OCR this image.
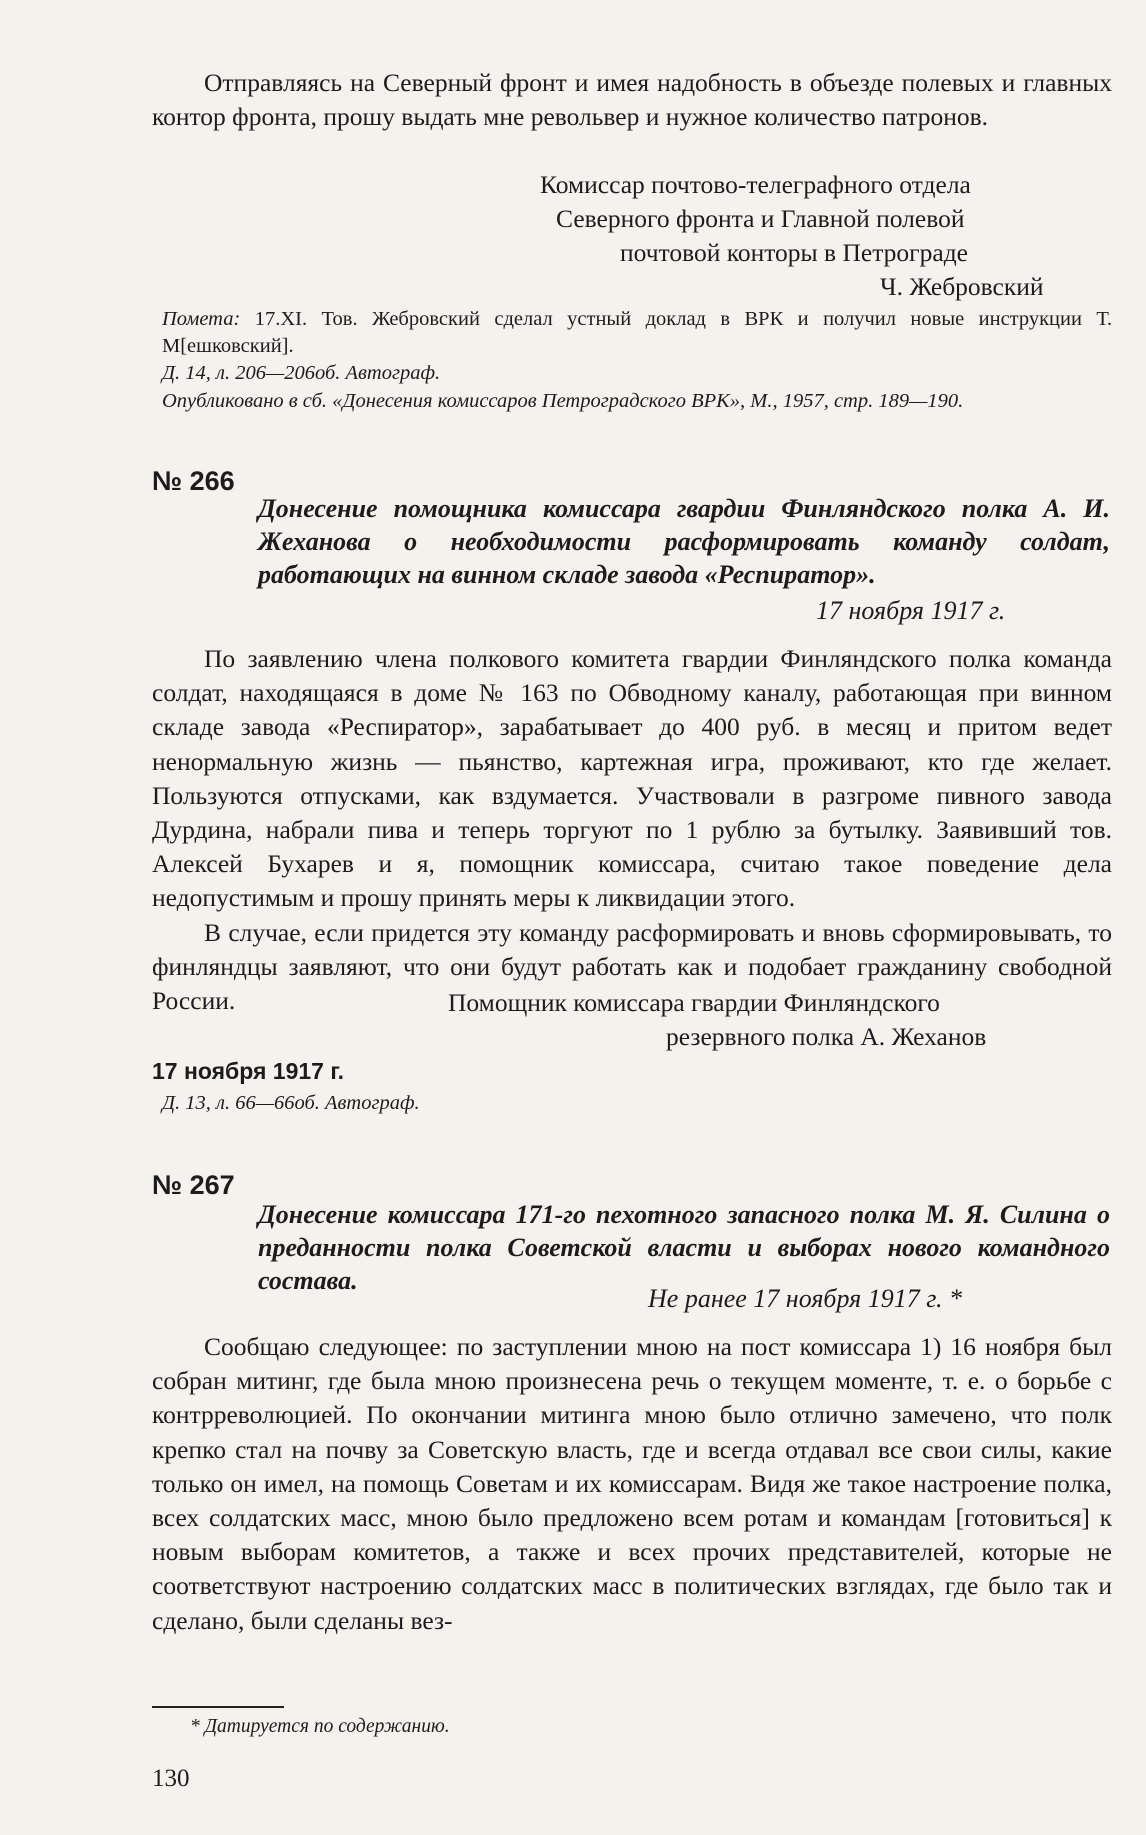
Отправляясь на Северный фронт и имея надобность в объезде полевых и главных контор фронта, прошу выдать мне револьвер и нужное количество патронов.

Комиссар почтово-телеграфного отдела

Северного фронта и Главной полевой

почтовой конторы в Петрограде

Ч. Жебровский

Помета: 17.XI. Тов. Жебровский сделал устный доклад в ВРК и получил новые инструкции Т. М[ешковский].

Д. 14, л. 206—206об. Автограф.

Опубликовано в сб. «Донесения комиссаров Петроградского ВРК», М., 1957, стр. 189—190.

№ 266

Донесение помощника комиссара гвардии Финляндского полка А. И. Жеханова о необходимости расформировать команду солдат, работающих на винном складе завода «Респиратор».

17 ноября 1917 г.

По заявлению члена полкового комитета гвардии Финляндского полка команда солдат, находящаяся в доме № 163 по Обводному каналу, работающая при винном складе завода «Респиратор», зарабатывает до 400 руб. в месяц и притом ведет ненормальную жизнь — пьянство, картежная игра, проживают, кто где желает. Пользуются отпусками, как вздумается. Участвовали в разгроме пивного завода Дурдина, набрали пива и теперь торгуют по 1 рублю за бутылку. Заявивший тов. Алексей Бухарев и я, помощник комиссара, считаю такое поведение дела недопустимым и прошу принять меры к ликвидации этого.

В случае, если придется эту команду расформировать и вновь сформировывать, то финляндцы заявляют, что они будут работать как и подобает гражданину свободной России.	Помощник комиссара гвардии Финляндского

резервного полка А. Жеханов

17 ноября 1917 г.

Д. 13, л. 66—66об. Автограф.

№ 267

Донесение комиссара 171-го пехотного запасного полка М. Я. Силина о преданности полка Советской власти и выборах нового командного состава.

Не ранее 17 ноября 1917 г. *

Сообщаю следующее: по заступлении мною на пост комиссара 1) 16 ноября был собран митинг, где была мною произнесена речь о текущем моменте, т. е. о борьбе с контрреволюцией. По окончании митинга мною было отлично замечено, что полк крепко стал на почву за Советскую власть, где и всегда отдавал все свои силы, какие только он имел, на помощь Советам и их комиссарам. Видя же такое настроение полка, всех солдатских масс, мною было предложено всем ротам и командам [готовиться] к новым выборам комитетов, а также и всех прочих представителей, которые не соответствуют настроению солдатских масс в политических взглядах, где было так и сделано, были сделаны вез-

* Датируется по содержанию.

130
